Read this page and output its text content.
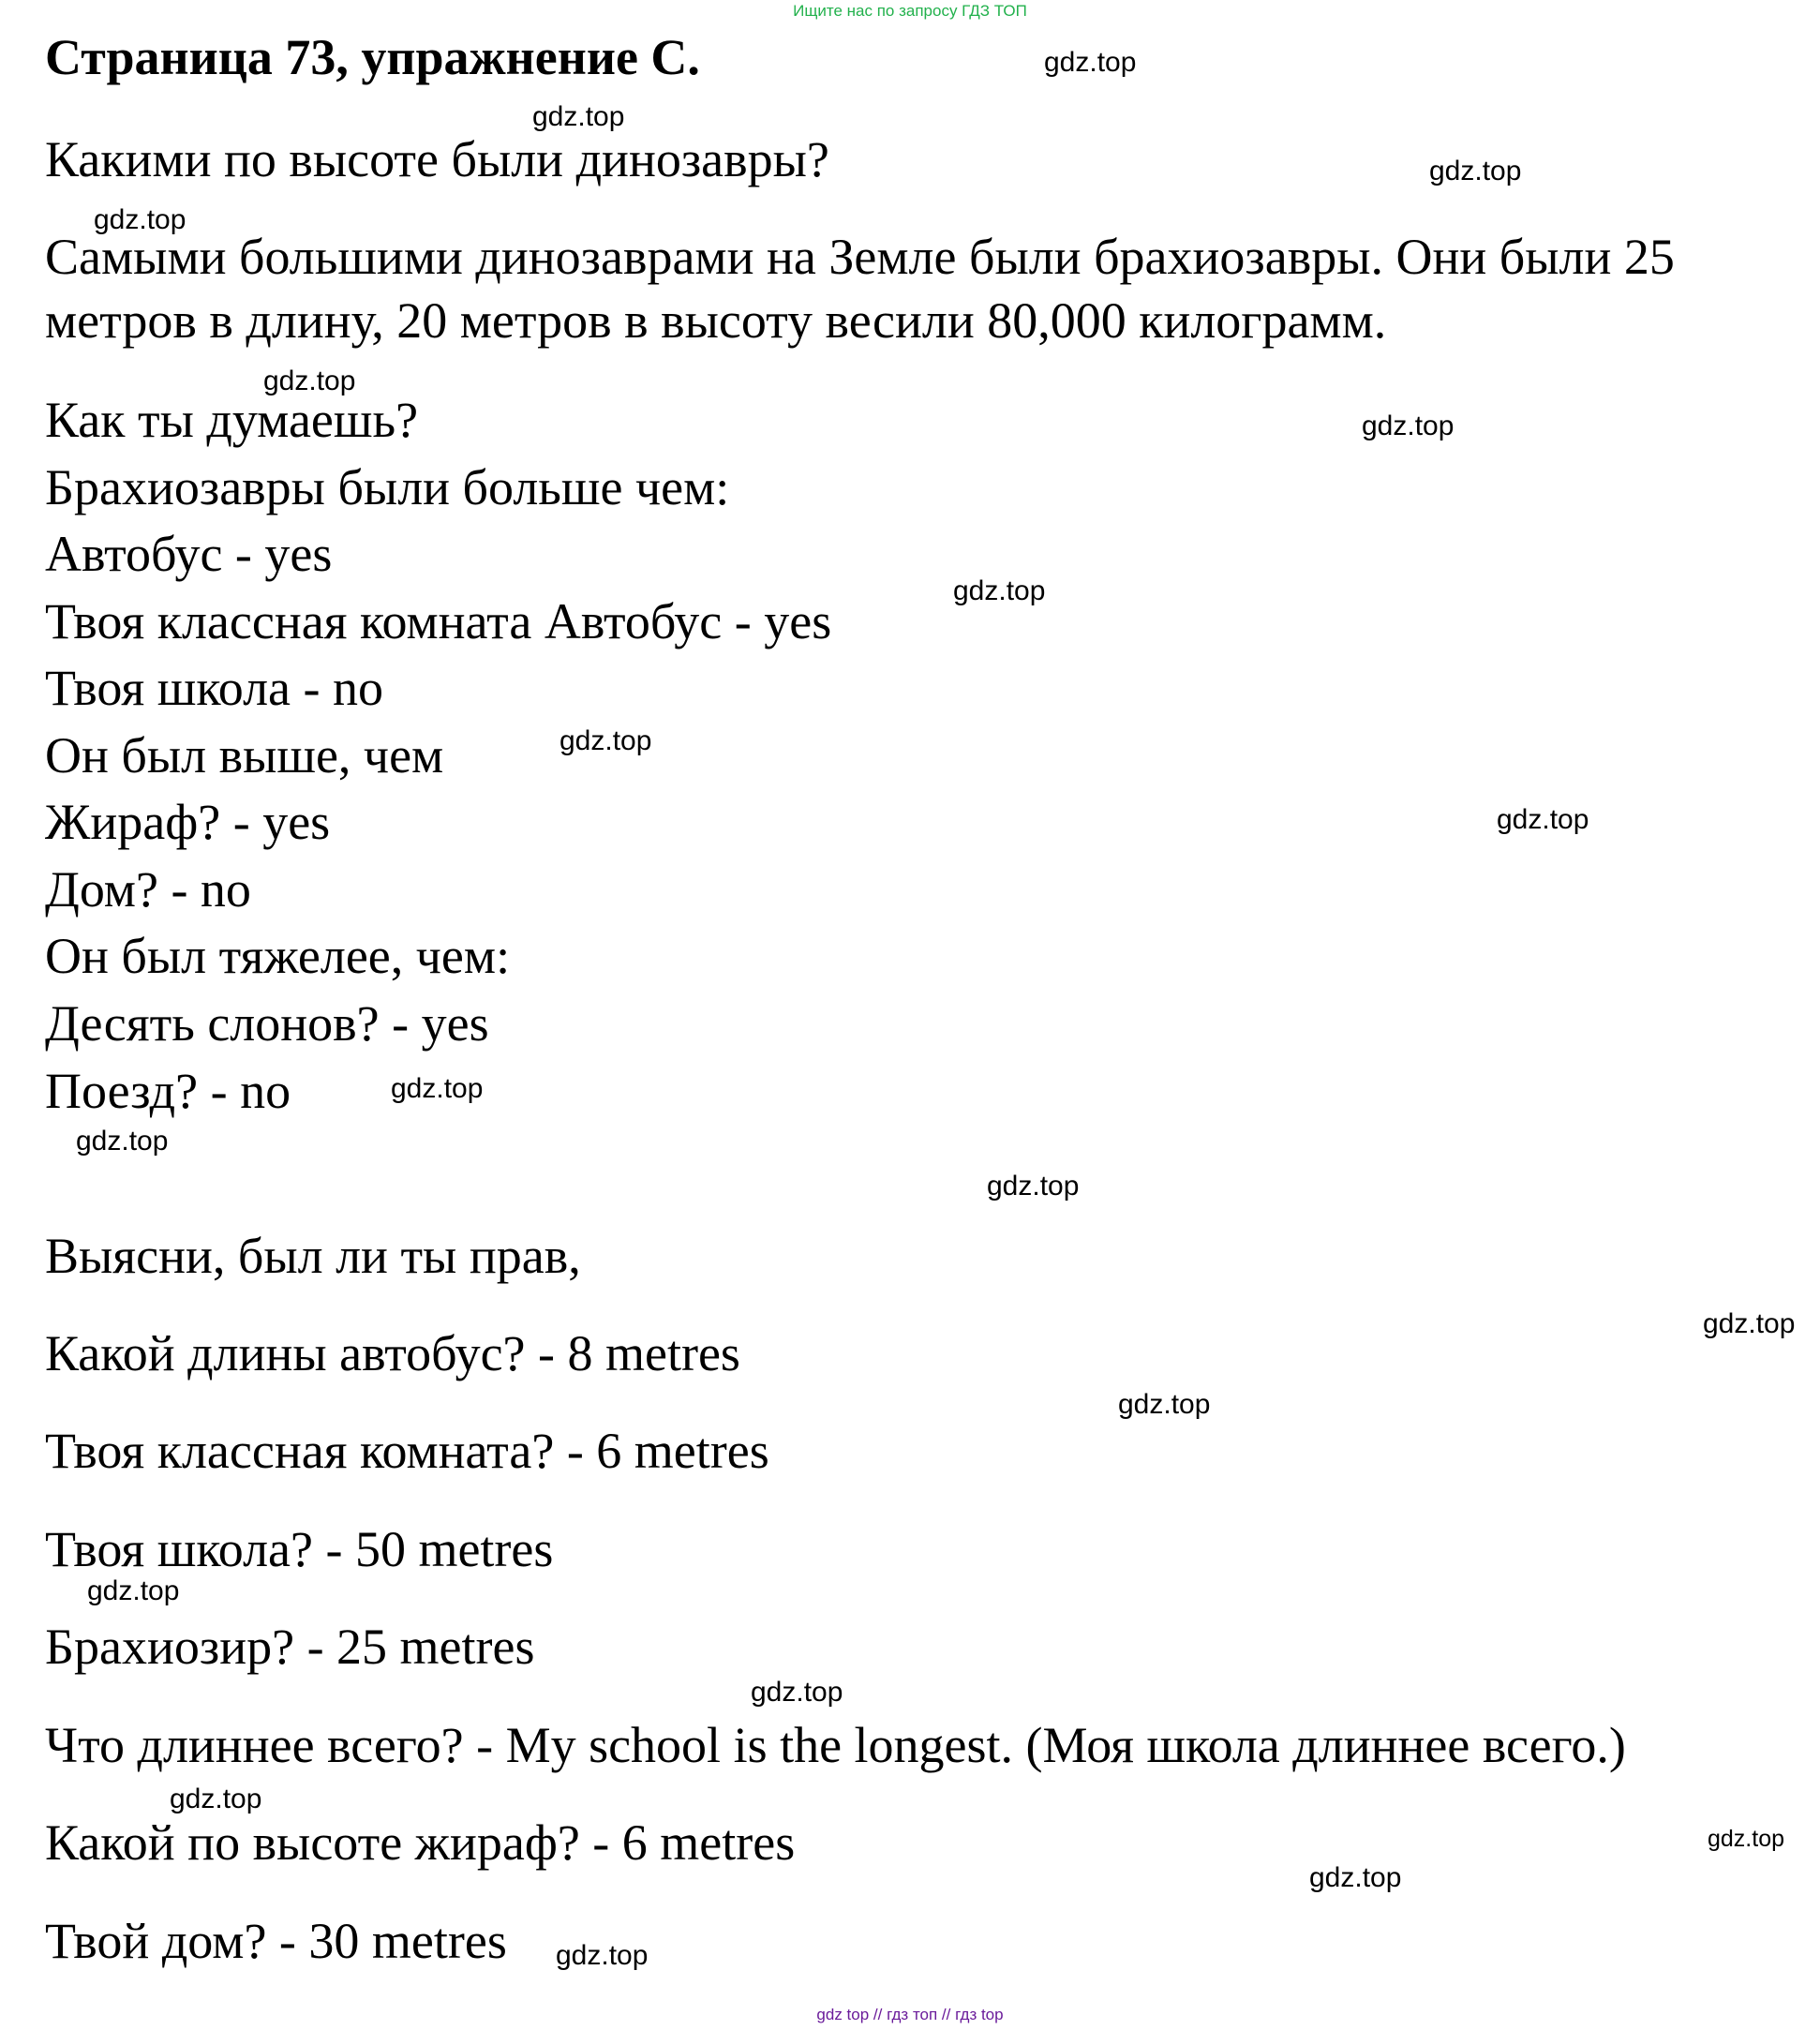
Ищите нас по запросу ГДЗ ТОП
Страница 73, упражнение С.
Какими по высоте были динозавры?
Самыми большими динозаврами на Земле были брахиозавры. Они были 25 метров в длину, 20 метров в высоту весили 80,000 килограмм.
Как ты думаешь?
Брахиозавры были больше чем:
Автобус - yes
Твоя классная комната Автобус - yes
Твоя школа - no
Он был выше, чем
Жираф? - yes
Дом? - no
Он был тяжелее, чем:
Десять слонов? - yes
Поезд? - no
Выясни, был ли ты прав,
Какой длины автобус? - 8 metres
Твоя классная комната? - 6 metres
Твоя школа? - 50 metres
Брахиозир? - 25 metres
Что длиннее всего? - My school is the longest. (Моя школа длиннее всего.)
Какой по высоте жираф? - 6 metres
Твой дом? - 30 metres
gdz.top
gdz.top
gdz.top
gdz.top
gdz.top
gdz.top
gdz.top
gdz.top
gdz.top
gdz.top
gdz.top
gdz.top
gdz.top
gdz.top
gdz.top
gdz.top
gdz.top
gdz.top
gdz.top
gdz.top
gdz top // гдз топ // гдз top
